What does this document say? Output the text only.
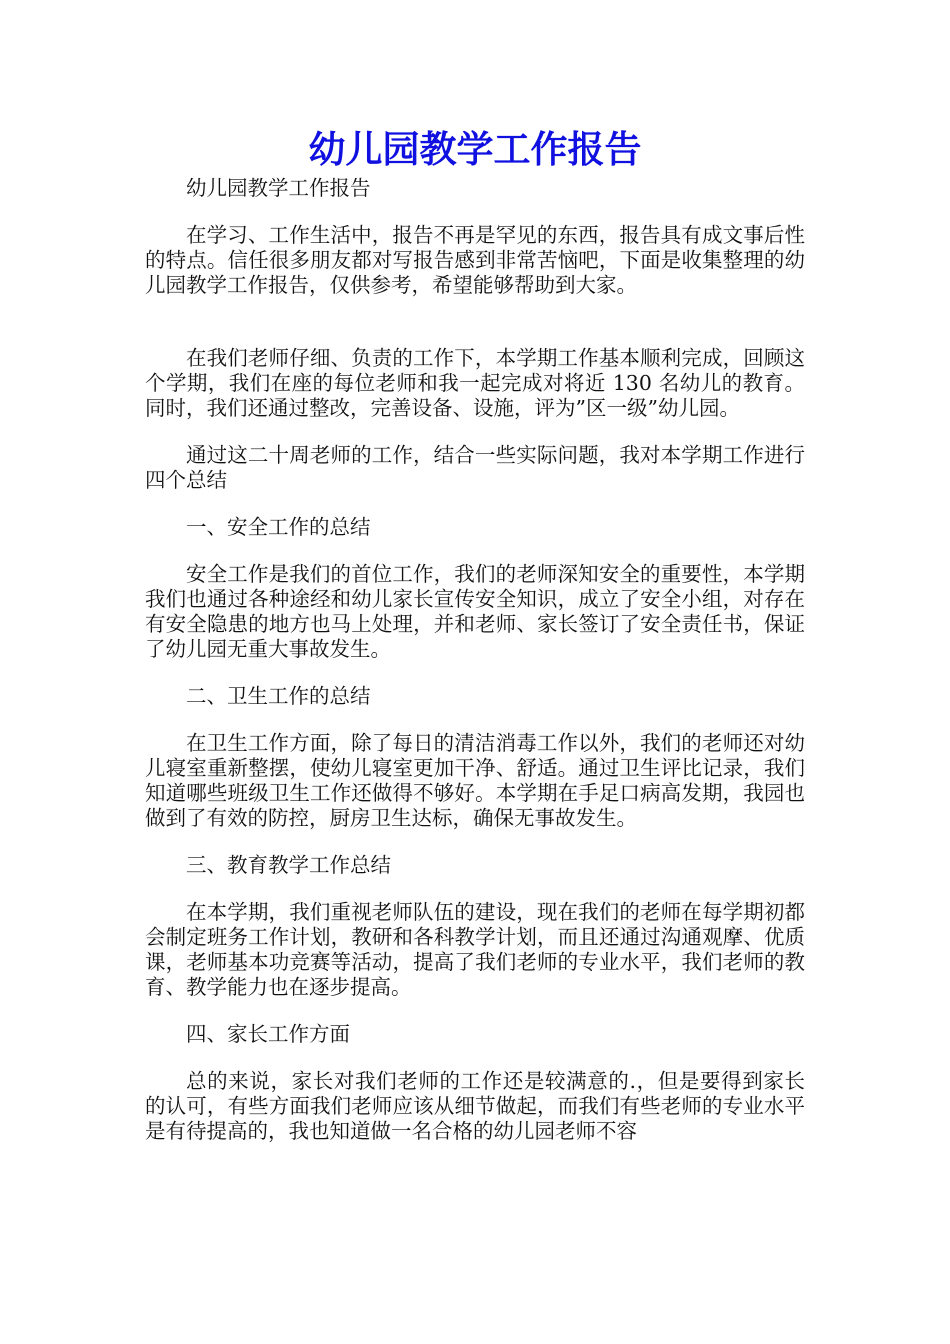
幼儿园教学工作报告

幼儿园教学工作报告

在学习、工作生活中，报告不再是罕见的东西，报告具有成文事后性的特点。信任很多朋友都对写报告感到非常苦恼吧，下面是收集整理的幼儿园教学工作报告，仅供参考，希望能够帮助到大家。

在我们老师仔细、负责的工作下，本学期工作基本顺利完成，回顾这个学期，我们在座的每位老师和我一起完成对将近 130 名幼儿的教育。同时，我们还通过整改，完善设备、设施，评为”区一级”幼儿园。

通过这二十周老师的工作，结合一些实际问题，我对本学期工作进行四个总结

一、安全工作的总结

安全工作是我们的首位工作，我们的老师深知安全的重要性，本学期我们也通过各种途经和幼儿家长宣传安全知识，成立了安全小组，对存在有安全隐患的地方也马上处理，并和老师、家长签订了安全责任书，保证了幼儿园无重大事故发生。

二、卫生工作的总结

在卫生工作方面，除了每日的清洁消毒工作以外，我们的老师还对幼儿寝室重新整摆，使幼儿寝室更加干净、舒适。通过卫生评比记录，我们知道哪些班级卫生工作还做得不够好。本学期在手足口病高发期，我园也做到了有效的防控，厨房卫生达标，确保无事故发生。

三、教育教学工作总结

在本学期，我们重视老师队伍的建设，现在我们的老师在每学期初都会制定班务工作计划，教研和各科教学计划，而且还通过沟通观摩、优质课，老师基本功竞赛等活动，提高了我们老师的专业水平，我们老师的教育、教学能力也在逐步提高。

四、家长工作方面

总的来说，家长对我们老师的工作还是较满意的.，但是要得到家长的认可，有些方面我们老师应该从细节做起，而我们有些老师的专业水平是有待提高的，我也知道做一名合格的幼儿园老师不容
